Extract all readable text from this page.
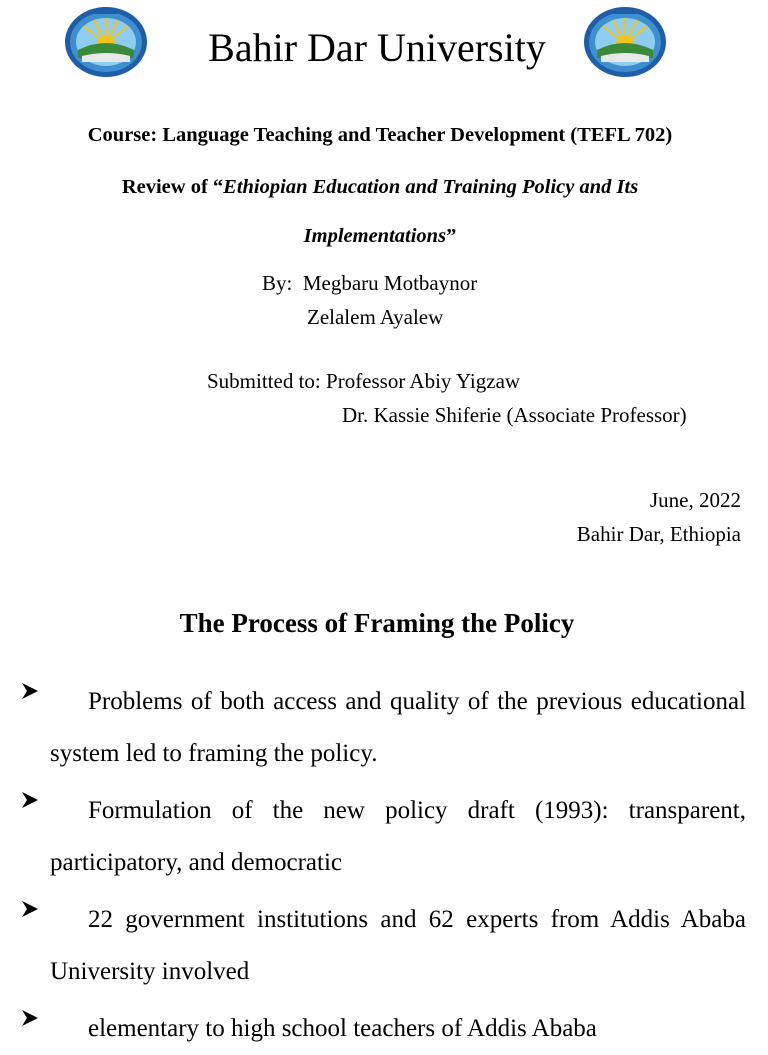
Bahir Dar University
Course: Language Teaching and Teacher Development (TEFL 702)
Review of “Ethiopian Education and Training Policy and Its
Implementations”
By: Megbaru Motbaynor
Zelalem Ayalew
Submitted to: Professor Abiy Yigzaw
Dr. Kassie Shiferie (Associate Professor)
June, 2022
Bahir Dar, Ethiopia
The Process of Framing the Policy
Problems of both access and quality of the previous educational system led to framing the policy.
Formulation of the new policy draft (1993): transparent, participatory, and democratic
22 government institutions and 62 experts from Addis Ababa University involved
elementary to high school teachers of Addis Ababa
